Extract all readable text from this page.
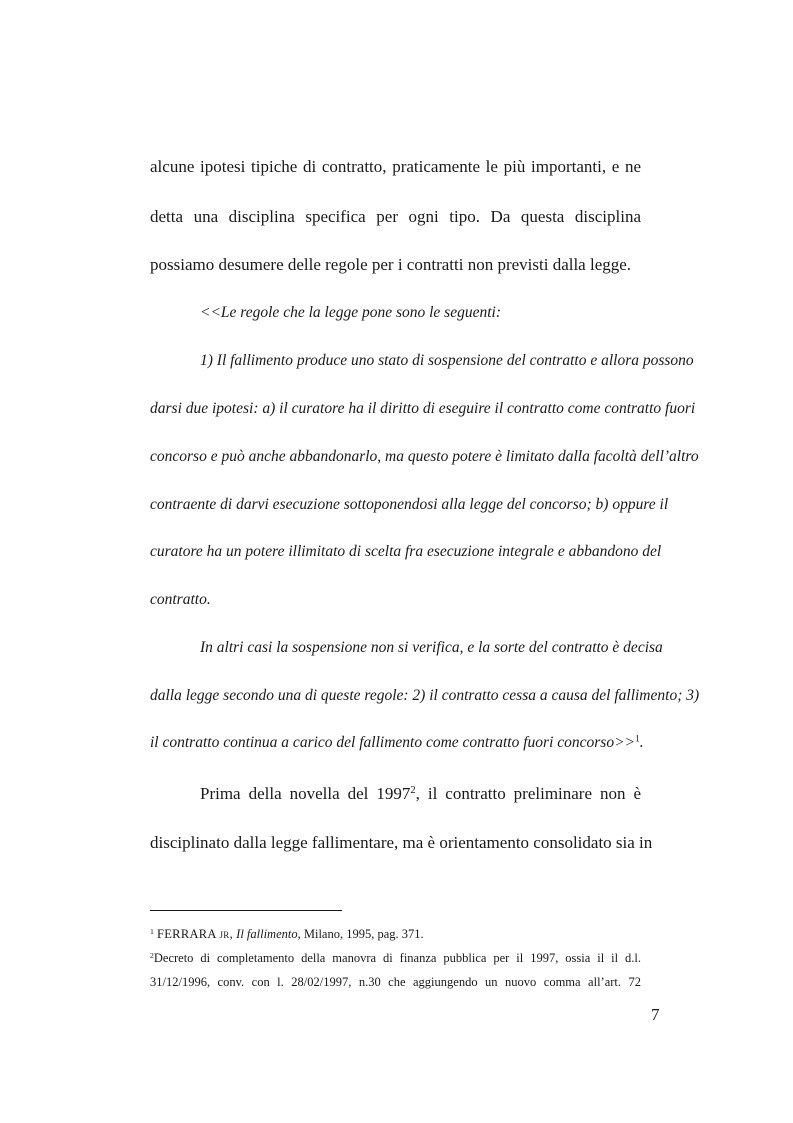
alcune ipotesi tipiche di contratto, praticamente le più importanti, e ne
detta una disciplina specifica per ogni tipo. Da questa disciplina
possiamo desumere delle regole per i contratti non previsti dalla legge.
<<Le regole che la legge pone sono le seguenti:
1) Il fallimento produce uno stato di sospensione del contratto e allora possono
darsi due ipotesi: a) il curatore ha il diritto di eseguire il contratto come contratto fuori
concorso e può anche abbandonarlo, ma questo potere è limitato dalla facoltà dell’altro
contraente di darvi esecuzione sottoponendosi alla legge del concorso; b) oppure il
curatore ha un potere illimitato di scelta fra esecuzione integrale e abbandono del
contratto.
In altri casi la sospensione non si verifica, e la sorte del contratto è decisa
dalla legge secondo una di queste regole: 2) il contratto cessa a causa del fallimento; 3)
il contratto continua a carico del fallimento come contratto fuori concorso>>$^1$.
Prima della novella del 1997$^2$, il contratto preliminare non è
disciplinato dalla legge fallimentare, ma è orientamento consolidato sia in
$^1$ FERRARA jr, Il fallimento, Milano, 1995, pag. 371.
$^2$Decreto di completamento della manovra di finanza pubblica per il 1997, ossia il il d.l.
31/12/1996, conv. con l. 28/02/1997, n.30 che aggiungendo un nuovo comma all’art. 72
7
